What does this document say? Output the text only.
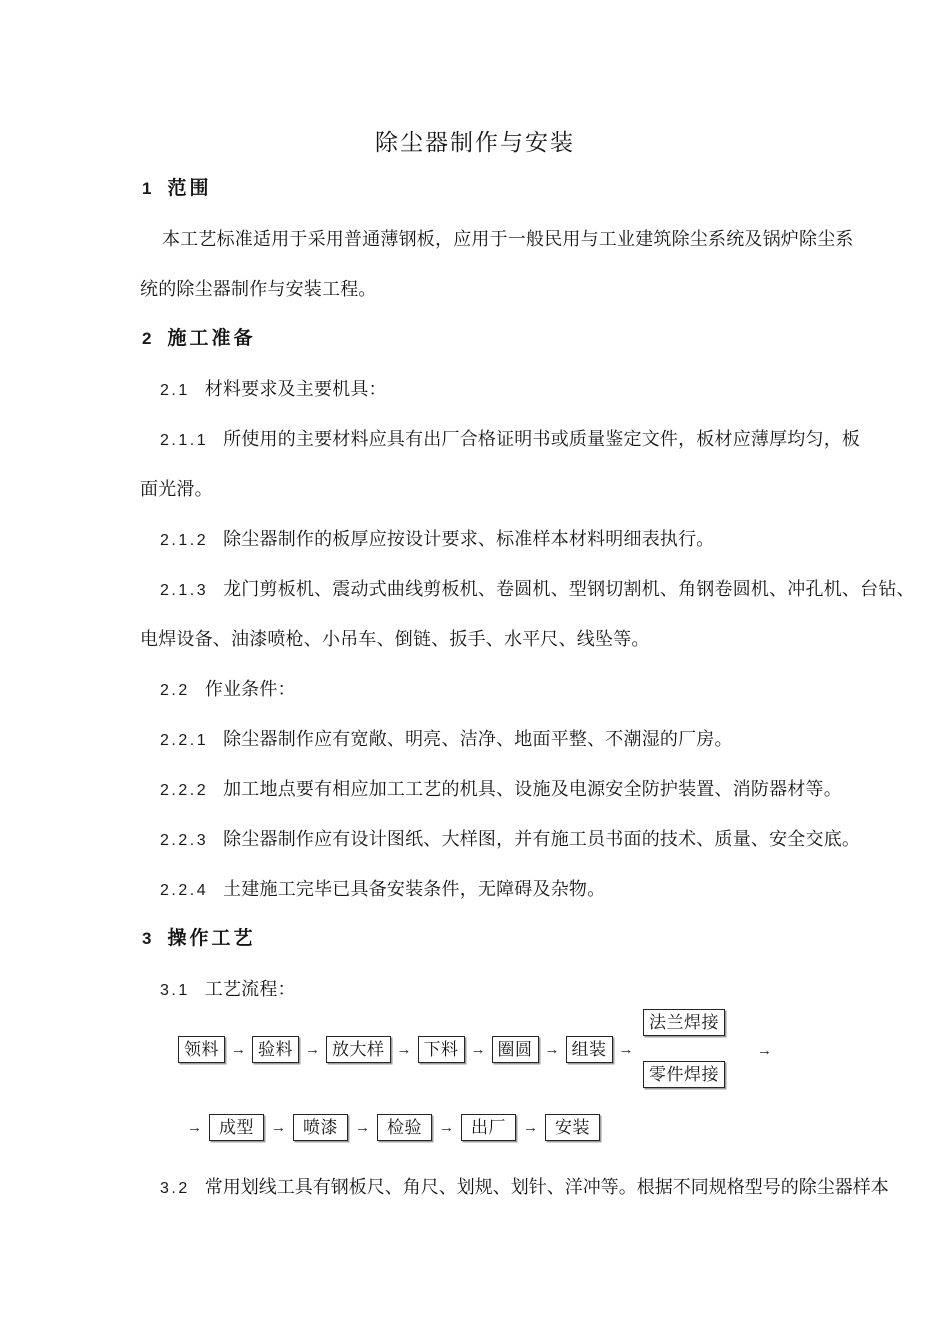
除尘器制作与安装
1 范围
本工艺标准适用于采用普通薄钢板，应用于一般民用与工业建筑除尘系统及锅炉除尘系
统的除尘器制作与安装工程。
2 施工准备
2.1 材料要求及主要机具：
2.1.1 所使用的主要材料应具有出厂合格证明书或质量鉴定文件，板材应薄厚均匀，板
面光滑。
2.1.2 除尘器制作的板厚应按设计要求、标准样本材料明细表执行。
2.1.3 龙门剪板机、震动式曲线剪板机、卷圆机、型钢切割机、角钢卷圆机、冲孔机、台钻、
电焊设备、油漆喷枪、小吊车、倒链、扳手、水平尺、线坠等。
2.2 作业条件：
2.2.1 除尘器制作应有宽敞、明亮、洁净、地面平整、不潮湿的厂房。
2.2.2 加工地点要有相应加工工艺的机具、设施及电源安全防护装置、消防器材等。
2.2.3 除尘器制作应有设计图纸、大样图，并有施工员书面的技术、质量、安全交底。
2.2.4 土建施工完毕已具备安装条件，无障碍及杂物。
3 操作工艺
3.1 工艺流程：
领料 → 验料 → 放大样 → 下料 → 圈圆 → 组装 →
法兰焊接
零件焊接
→
→	成型	→	喷漆	→	检验	→	出厂	→	安装
3.2 常用划线工具有钢板尺、角尺、划规、划针、洋冲等。根据不同规格型号的除尘器样本
